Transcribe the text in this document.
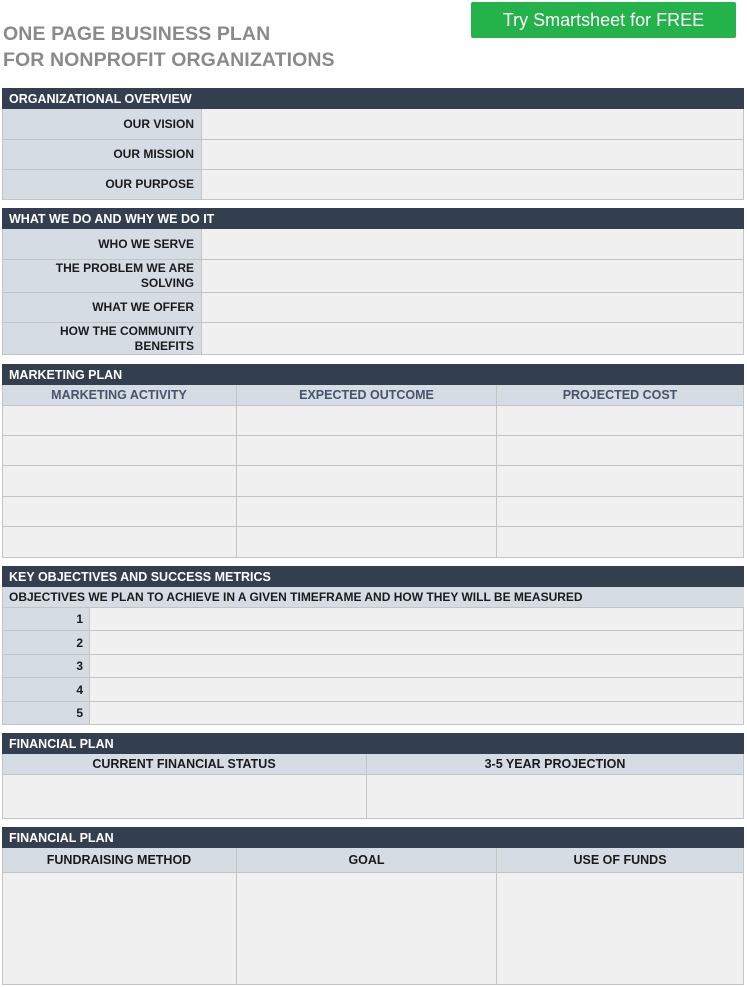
ONE PAGE BUSINESS PLAN
FOR NONPROFIT ORGANIZATIONS
Try Smartsheet for FREE
ORGANIZATIONAL OVERVIEW
OUR VISION
OUR MISSION
OUR PURPOSE
WHAT WE DO AND WHY WE DO IT
WHO WE SERVE
THE PROBLEM WE ARE SOLVING
WHAT WE OFFER
HOW THE COMMUNITY BENEFITS
MARKETING PLAN
MARKETING ACTIVITY	EXPECTED OUTCOME	PROJECTED COST
KEY OBJECTIVES AND SUCCESS METRICS
OBJECTIVES WE PLAN TO ACHIEVE IN A GIVEN TIMEFRAME AND HOW THEY WILL BE MEASURED
1
2
3
4
5
FINANCIAL PLAN
CURRENT FINANCIAL STATUS	3-5 YEAR PROJECTION
FINANCIAL PLAN
FUNDRAISING METHOD	GOAL	USE OF FUNDS
